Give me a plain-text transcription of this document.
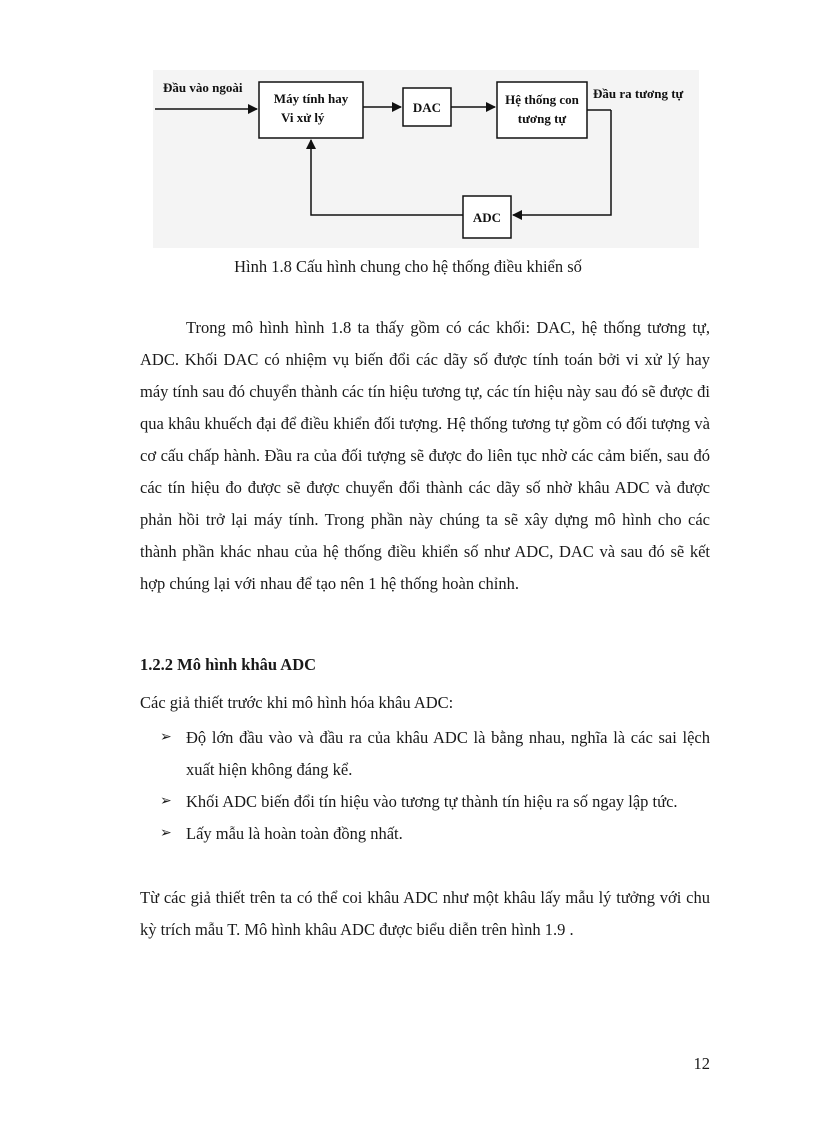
Đầu vào ngoài
Máy tính hay
Vi xử lý
DAC
Hệ thống con
tương tự
Đầu ra tương tự
ADC
Hình 1.8 Cấu hình chung cho hệ thống điều khiển số

Trong mô hình hình 1.8 ta thấy gồm có các khối: DAC, hệ thống tương tự, ADC. Khối DAC có nhiệm vụ biến đổi các dãy số được tính toán bởi vi xử lý hay máy tính sau đó chuyển thành các tín hiệu tương tự, các tín hiệu này sau đó sẽ được đi qua khâu khuếch đại để điều khiển đối tượng. Hệ thống tương tự gồm có đối tượng và cơ cấu chấp hành. Đầu ra của đối tượng sẽ được đo liên tục nhờ các cảm biến, sau đó các tín hiệu đo được sẽ được chuyển đổi thành các dãy số nhờ khâu ADC và được phản hồi trở lại máy tính. Trong phần này chúng ta sẽ xây dựng mô hình cho các thành phần khác nhau của hệ thống điều khiển số như ADC, DAC và sau đó sẽ kết hợp chúng lại với nhau để tạo nên 1 hệ thống hoàn chỉnh.

1.2.2 Mô hình khâu ADC

Các giả thiết trước khi mô hình hóa khâu ADC:

➢ Độ lớn đầu vào và đầu ra của khâu ADC là bằng nhau, nghĩa là các sai lệch xuất hiện không đáng kể.
➢ Khối ADC biến đổi tín hiệu vào tương tự thành tín hiệu ra số ngay lập tức.
➢ Lấy mẫu là hoàn toàn đồng nhất.

Từ các giả thiết trên ta có thể coi khâu ADC như một khâu lấy mẫu lý tưởng với chu kỳ trích mẫu T. Mô hình khâu ADC được biểu diễn trên hình 1.9 .

12
